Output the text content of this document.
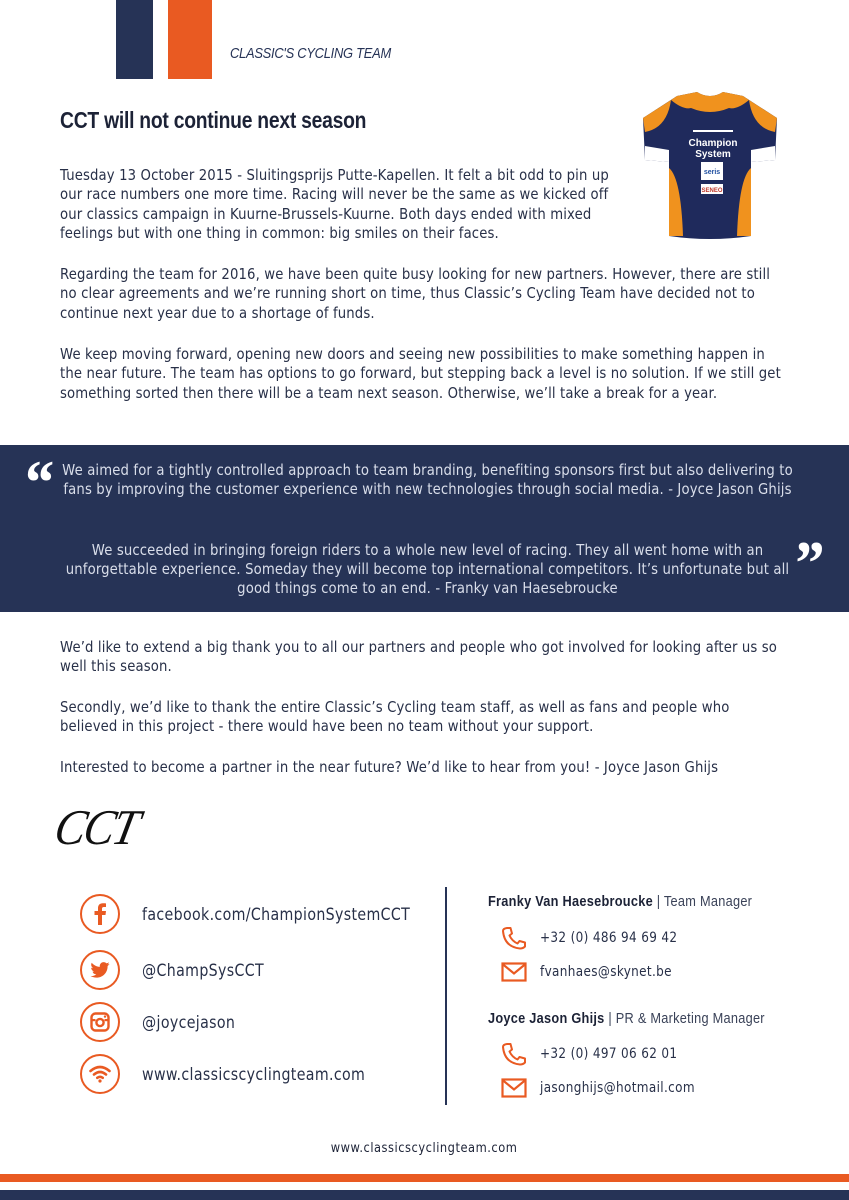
CLASSIC'S CYCLING TEAM
CCT will not continue next season
Champion
System
seris
SENEO
Tuesday 13 October 2015 - Sluitingsprijs Putte-Kapellen. It felt a bit odd to pin up our race numbers one more time. Racing will never be the same as we kicked off our classics campaign in Kuurne-Brussels-Kuurne. Both days ended with mixed feelings but with one thing in common: big smiles on their faces.
Regarding the team for 2016, we have been quite busy looking for new partners. However, there are still no clear agreements and we’re running short on time, thus Classic’s Cycling Team have decided not to continue next year due to a shortage of funds.
We keep moving forward, opening new doors and seeing new possibilities to make something happen in the near future. The team has options to go forward, but stepping back a level is no solution. If we still get something sorted then there will be a team next season. Otherwise, we’ll take a break for a year.
“ We aimed for a tightly controlled approach to team branding, benefiting sponsors first but also delivering to fans by improving the customer experience with new technologies through social media. - Joyce Jason Ghijs
We succeeded in bringing foreign riders to a whole new level of racing. They all went home with an unforgettable experience. Someday they will become top international competitors. It’s unfortunate but all good things come to an end. - Franky van Haesebroucke	”
We’d like to extend a big thank you to all our partners and people who got involved for looking after us so well this season.
Secondly, we’d like to thank the entire Classic’s Cycling team staff, as well as fans and people who believed in this project - there would have been no team without your support.
Interested to become a partner in the near future? We’d like to hear from you! - Joyce Jason Ghijs
CCT
facebook.com/ChampionSystemCCT
@ChampSysCCT
@joycejason
www.classicscyclingteam.com
Franky Van Haesebroucke | Team Manager
+32 (0) 486 94 69 42
fvanhaes@skynet.be
Joyce Jason Ghijs | PR & Marketing Manager
+32 (0) 497 06 62 01
jasonghijs@hotmail.com
www.classicscyclingteam.com
